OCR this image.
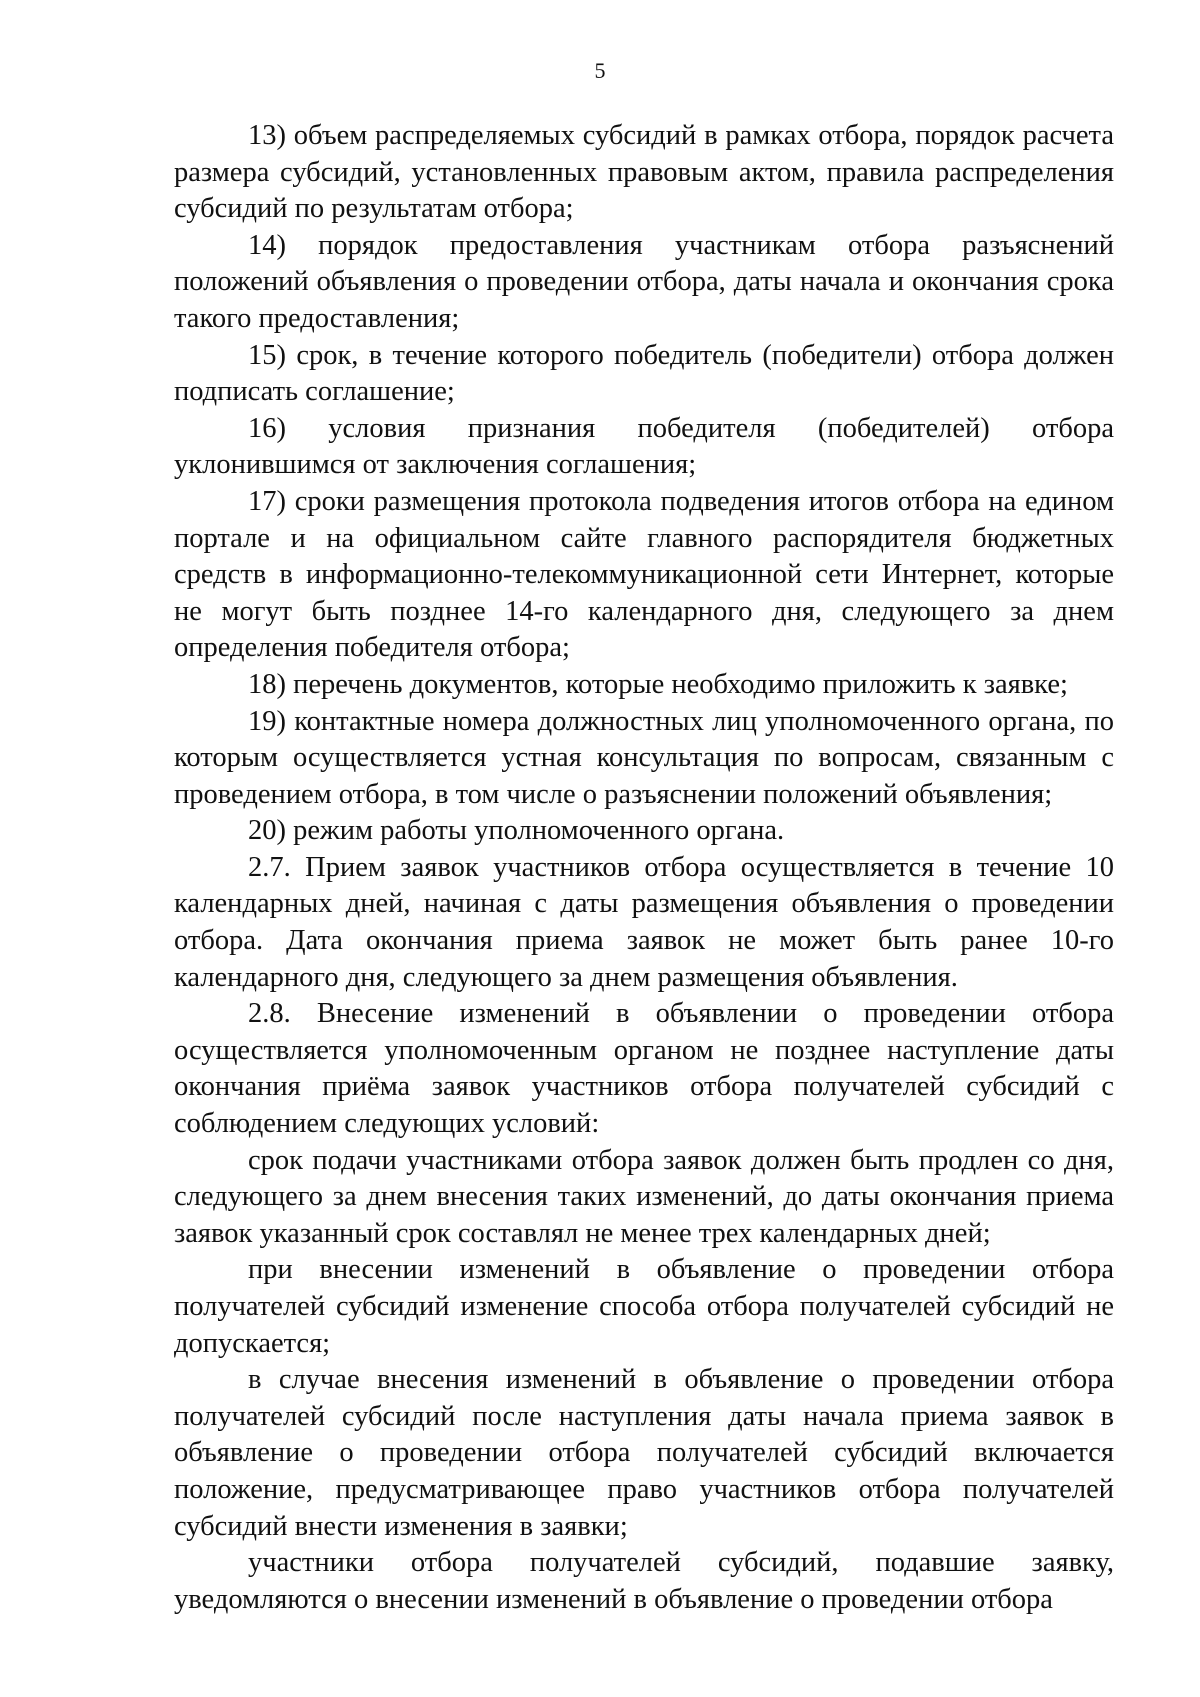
5

13) объем распределяемых субсидий в рамках отбора, порядок расчета размера субсидий, установленных правовым актом, правила распределения субсидий по результатам отбора;

14) порядок предоставления участникам отбора разъяснений положений объявления о проведении отбора, даты начала и окончания срока такого предоставления;

15) срок, в течение которого победитель (победители) отбора должен подписать соглашение;

16) условия признания победителя (победителей) отбора уклонившимся от заключения соглашения;

17) сроки размещения протокола подведения итогов отбора на едином портале и на официальном сайте главного распорядителя бюджетных средств в информационно-телекоммуникационной сети Интернет, которые не могут быть позднее 14-го календарного дня, следующего за днем определения победителя отбора;

18) перечень документов, которые необходимо приложить к заявке;

19) контактные номера должностных лиц уполномоченного органа, по которым осуществляется устная консультация по вопросам, связанным с проведением отбора, в том числе о разъяснении положений объявления;

20) режим работы уполномоченного органа.

2.7. Прием заявок участников отбора осуществляется в течение 10 календарных дней, начиная с даты размещения объявления о проведении отбора. Дата окончания приема заявок не может быть ранее 10-го календарного дня, следующего за днем размещения объявления.

2.8. Внесение изменений в объявлении о проведении отбора осуществляется уполномоченным органом не позднее наступление даты окончания приёма заявок участников отбора получателей субсидий с соблюдением следующих условий:

срок подачи участниками отбора заявок должен быть продлен со дня, следующего за днем внесения таких изменений, до даты окончания приема заявок указанный срок составлял не менее трех календарных дней;

при внесении изменений в объявление о проведении отбора получателей субсидий изменение способа отбора получателей субсидий не допускается;

в случае внесения изменений в объявление о проведении отбора получателей субсидий после наступления даты начала приема заявок в объявление о проведении отбора получателей субсидий включается положение, предусматривающее право участников отбора получателей субсидий внести изменения в заявки;

участники отбора получателей субсидий, подавшие заявку, уведомляются о внесении изменений в объявление о проведении отбора
